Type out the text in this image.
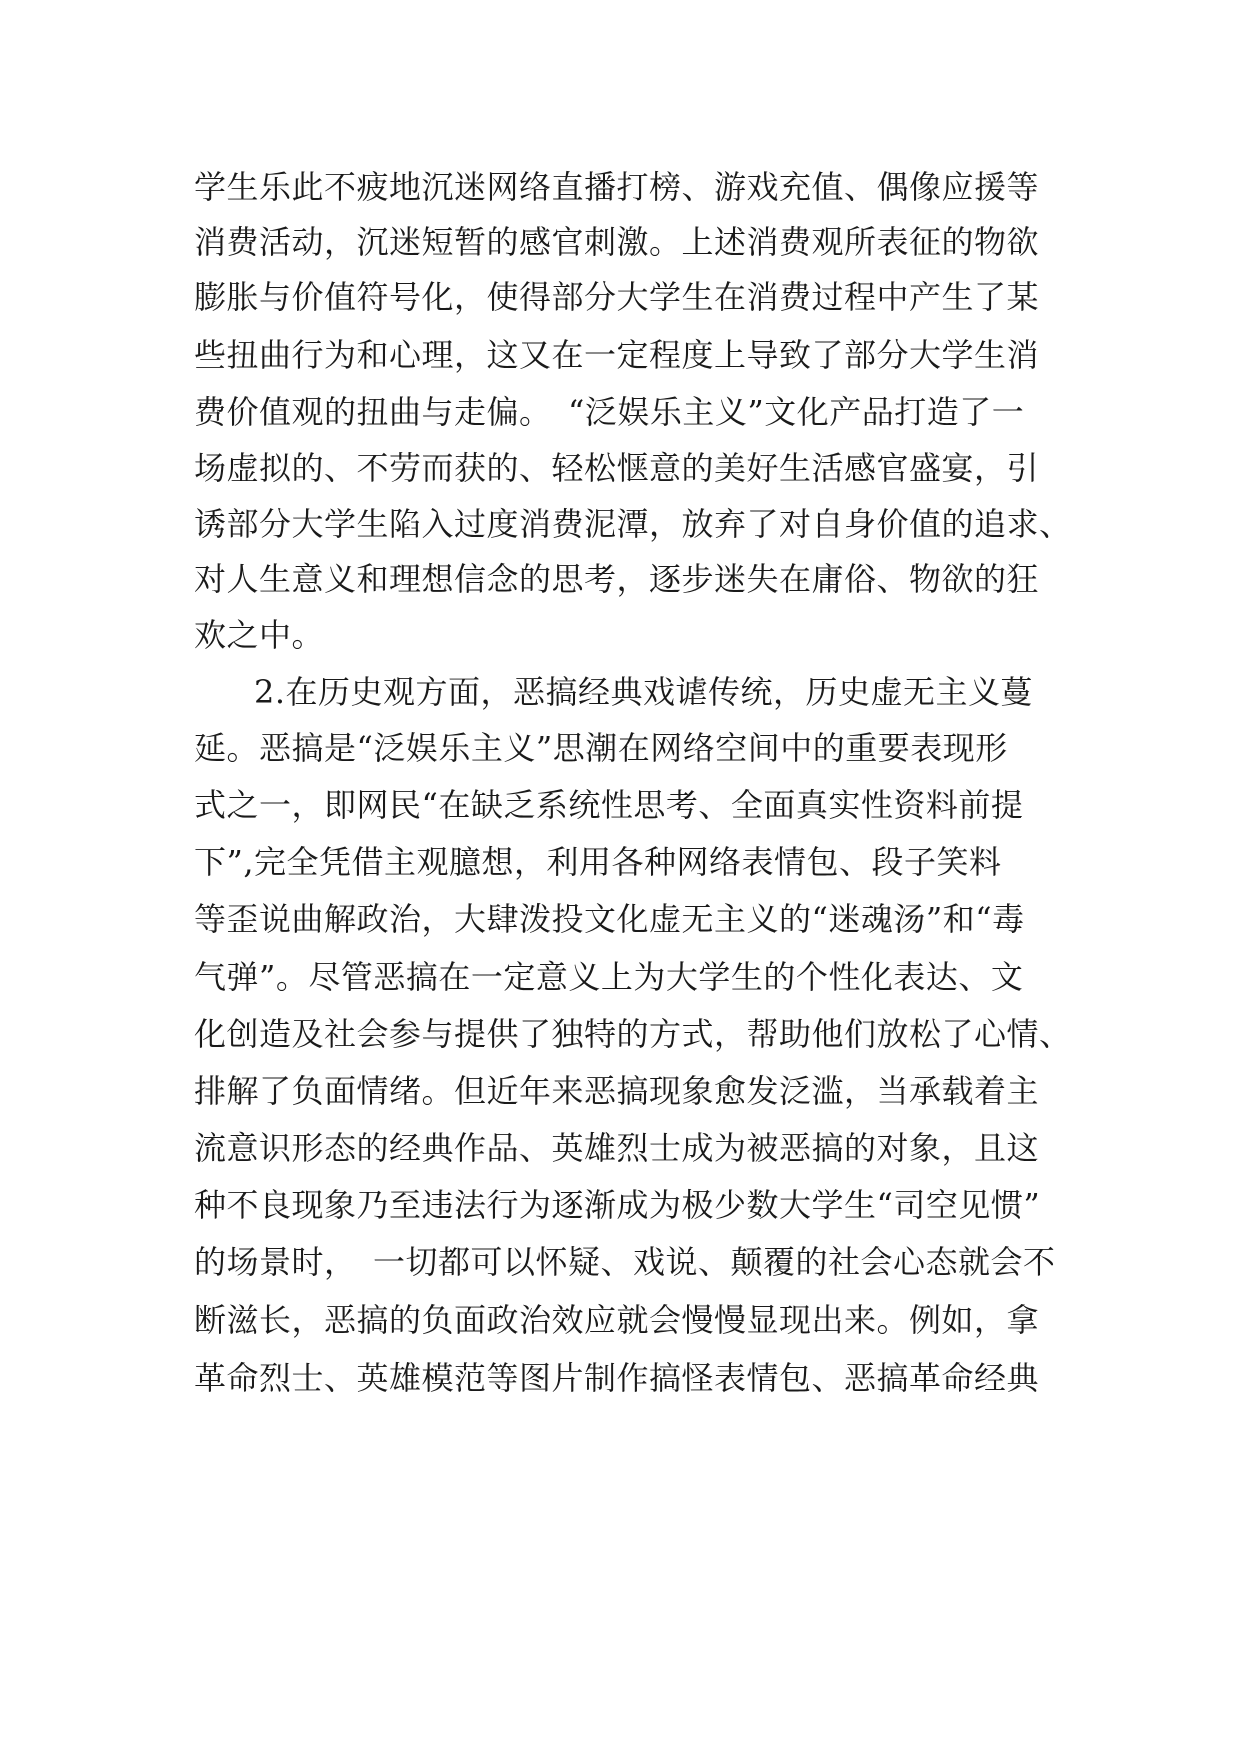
学生乐此不疲地沉迷网络直播打榜、游戏充值、偶像应援等
消费活动，沉迷短暂的感官刺激。上述消费观所表征的物欲
膨胀与价值符号化，使得部分大学生在消费过程中产生了某
些扭曲行为和心理，这又在一定程度上导致了部分大学生消
费价值观的扭曲与走偏。　“泛娱乐主义”文化产品打造了一
场虚拟的、不劳而获的、轻松惬意的美好生活感官盛宴，引
诱部分大学生陷入过度消费泥潭，放弃了对自身价值的追求、
对人生意义和理想信念的思考，逐步迷失在庸俗、物欲的狂
欢之中。
2.在历史观方面，恶搞经典戏谑传统，历史虚无主义蔓
延。恶搞是“泛娱乐主义”思潮在网络空间中的重要表现形
式之一，即网民“在缺乏系统性思考、全面真实性资料前提
下”,完全凭借主观臆想，利用各种网络表情包、段子笑料
等歪说曲解政治，大肆泼投文化虚无主义的“迷魂汤”和“毒
气弹”。尽管恶搞在一定意义上为大学生的个性化表达、文
化创造及社会参与提供了独特的方式，帮助他们放松了心情、
排解了负面情绪。但近年来恶搞现象愈发泛滥，当承载着主
流意识形态的经典作品、英雄烈士成为被恶搞的对象，且这
种不良现象乃至违法行为逐渐成为极少数大学生“司空见惯”
的场景时，　一切都可以怀疑、戏说、颠覆的社会心态就会不
断滋长，恶搞的负面政治效应就会慢慢显现出来。例如，拿
革命烈士、英雄模范等图片制作搞怪表情包、恶搞革命经典
